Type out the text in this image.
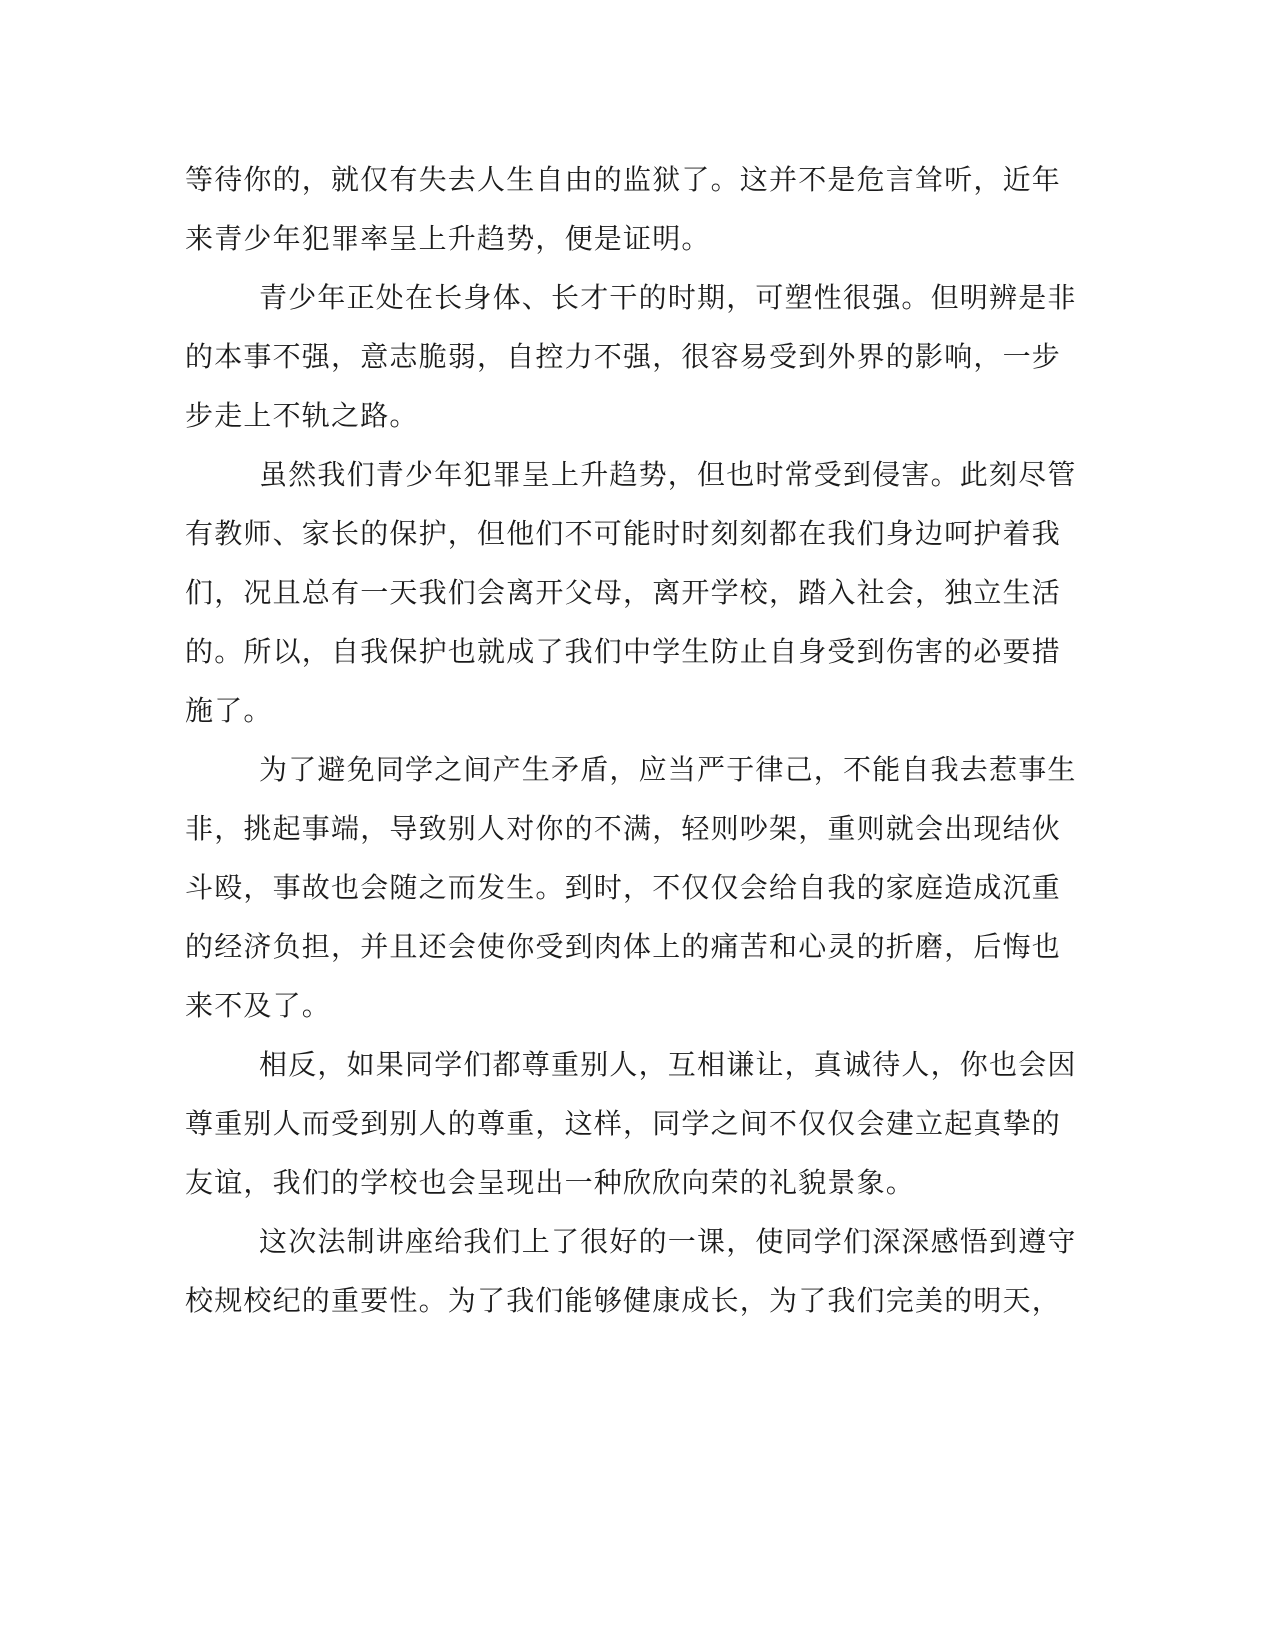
等待你的，就仅有失去人生自由的监狱了。这并不是危言耸听，近年
来青少年犯罪率呈上升趋势，便是证明。
青少年正处在长身体、长才干的时期，可塑性很强。但明辨是非
的本事不强，意志脆弱，自控力不强，很容易受到外界的影响，一步
步走上不轨之路。
虽然我们青少年犯罪呈上升趋势，但也时常受到侵害。此刻尽管
有教师、家长的保护，但他们不可能时时刻刻都在我们身边呵护着我
们，况且总有一天我们会离开父母，离开学校，踏入社会，独立生活
的。所以，自我保护也就成了我们中学生防止自身受到伤害的必要措
施了。
为了避免同学之间产生矛盾，应当严于律己，不能自我去惹事生
非，挑起事端，导致别人对你的不满，轻则吵架，重则就会出现结伙
斗殴，事故也会随之而发生。到时，不仅仅会给自我的家庭造成沉重
的经济负担，并且还会使你受到肉体上的痛苦和心灵的折磨，后悔也
来不及了。
相反，如果同学们都尊重别人，互相谦让，真诚待人，你也会因
尊重别人而受到别人的尊重，这样，同学之间不仅仅会建立起真挚的
友谊，我们的学校也会呈现出一种欣欣向荣的礼貌景象。
这次法制讲座给我们上了很好的一课，使同学们深深感悟到遵守
校规校纪的重要性。为了我们能够健康成长，为了我们完美的明天，
